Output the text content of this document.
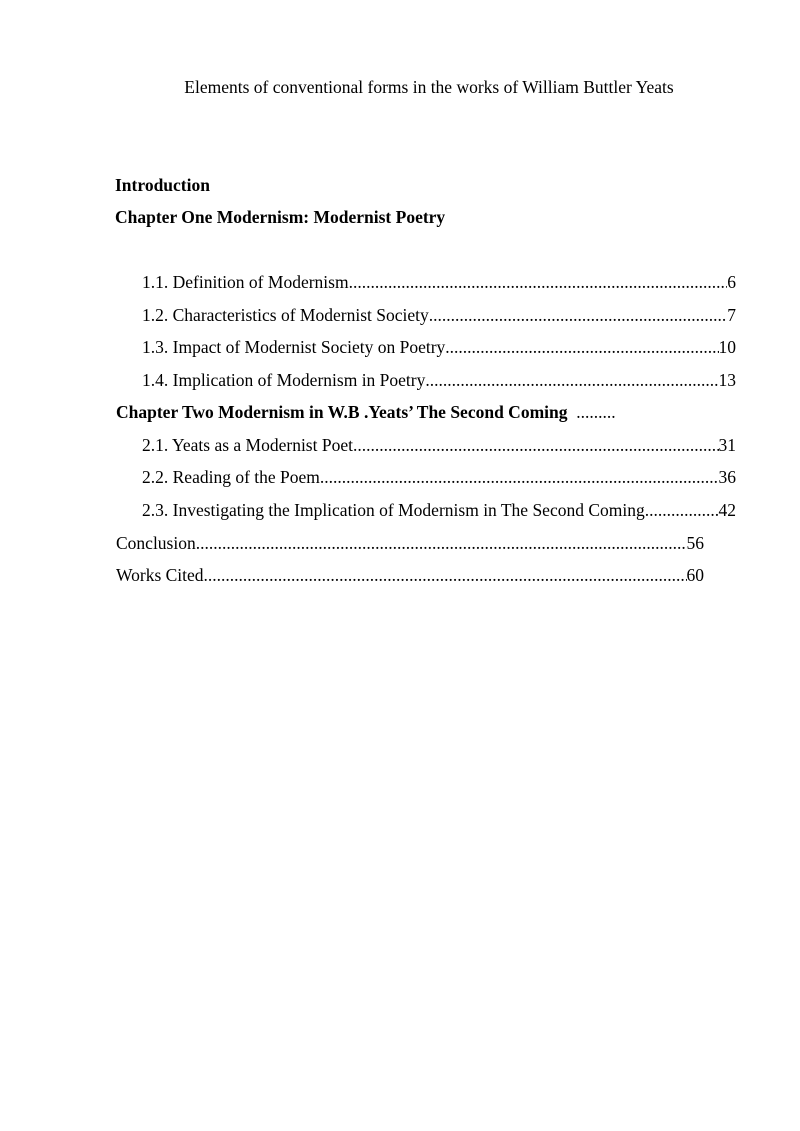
Elements of conventional forms in the works of William Buttler Yeats
Introduction
Chapter One Modernism: Modernist Poetry
1.1. Definition of Modernism .....	6
1.2. Characteristics of Modernist Society .....	7
1.3. Impact of Modernist Society on Poetry .....	10
1.4. Implication of Modernism in Poetry .....	13
Chapter Two Modernism in W.B .Yeats’ The Second Coming  .........
2.1. Yeats as a Modernist Poet .....	31
2.2. Reading of the Poem .....	36
2.3. Investigating the Implication of Modernism in The Second Coming .....	42
Conclusion .....	56
Works Cited .....	60
